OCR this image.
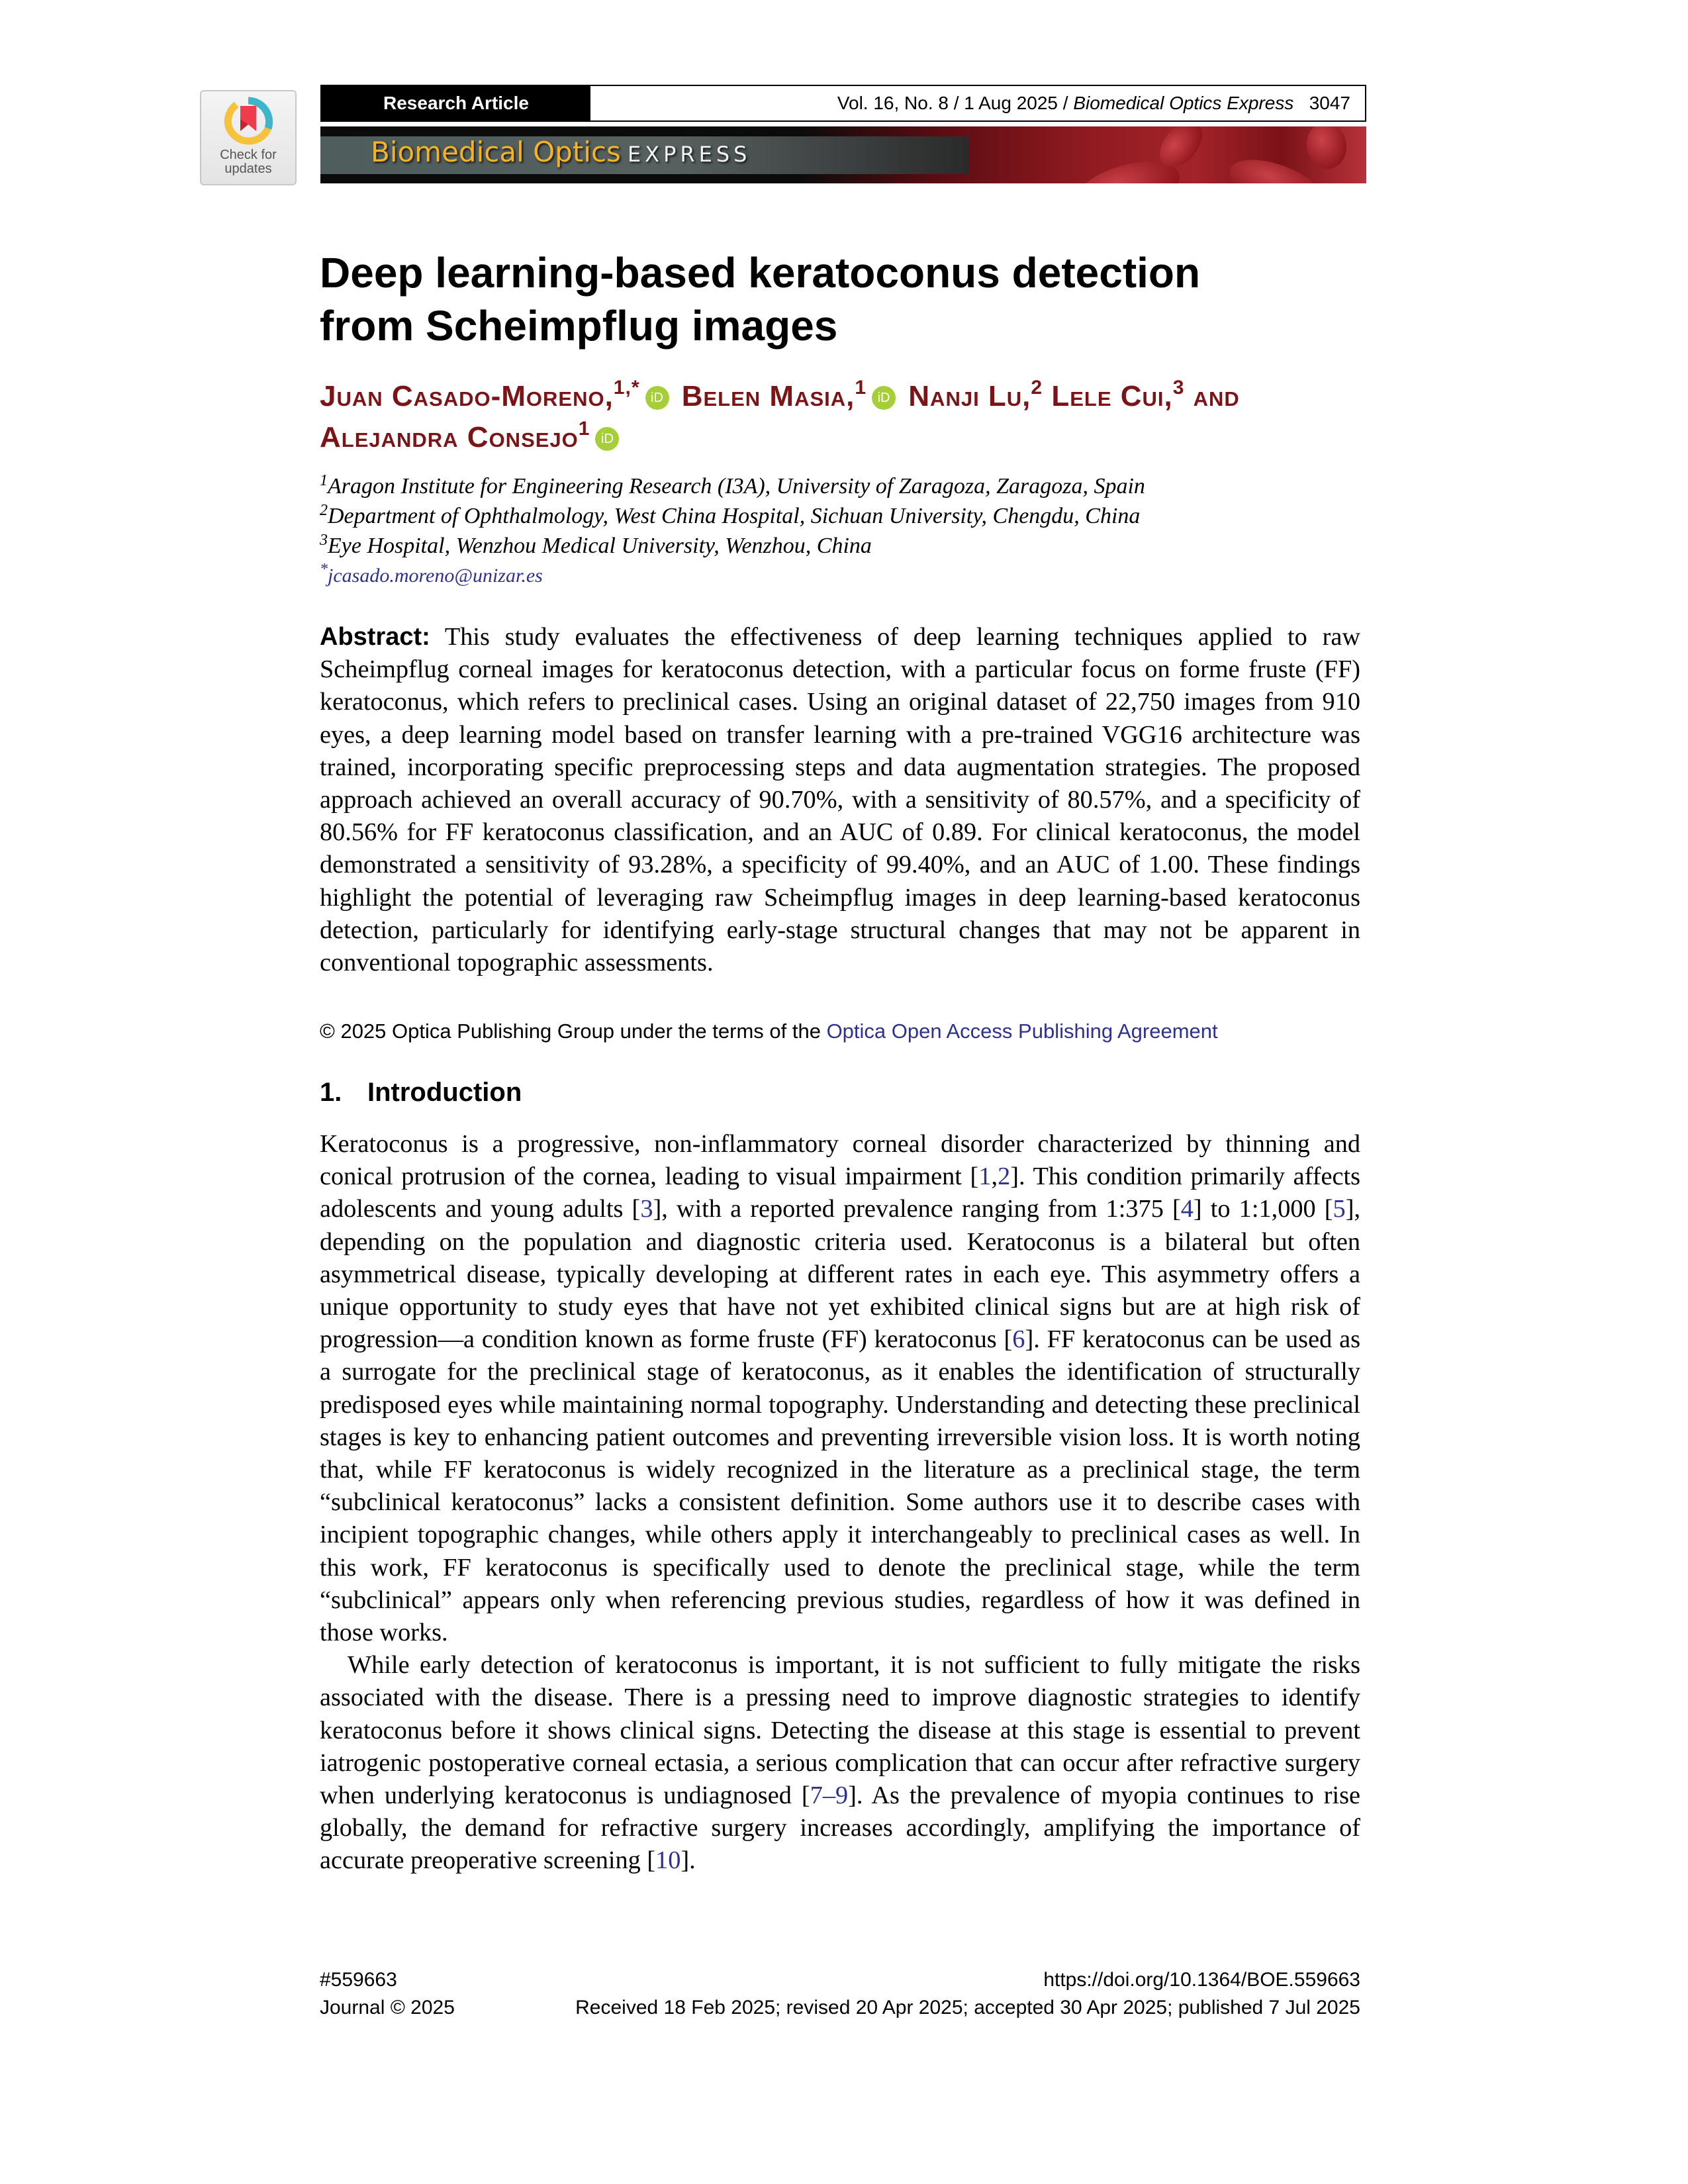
Check for
updates
Research Article	Vol. 16, No. 8 / 1 Aug 2025 / Biomedical Optics Express
3047
Biomedical Optics EXPRESS
Deep learning-based keratoconus detection
from Scheimpflug images
Juan Casado-Moreno,$^{1,*}$ iD Belen Masia,$^1$ iD Nanji Lu,$^2$ Lele Cui,$^3$ and Alejandra Consejo$^1$ iD
$^1$Aragon Institute for Engineering Research (I3A), University of Zaragoza, Zaragoza, Spain
$^2$Department of Ophthalmology, West China Hospital, Sichuan University, Chengdu, China
$^3$Eye Hospital, Wenzhou Medical University, Wenzhou, China
*jcasado.moreno@unizar.es
Abstract: This study evaluates the effectiveness of deep learning techniques applied to raw Scheimpflug corneal images for keratoconus detection, with a particular focus on forme fruste (FF) keratoconus, which refers to preclinical cases. Using an original dataset of 22,750 images from 910 eyes, a deep learning model based on transfer learning with a pre-trained VGG16 architecture was trained, incorporating specific preprocessing steps and data augmentation strategies. The proposed approach achieved an overall accuracy of 90.70%, with a sensitivity of 80.57%, and a specificity of 80.56% for FF keratoconus classification, and an AUC of 0.89. For clinical keratoconus, the model demonstrated a sensitivity of 93.28%, a specificity of 99.40%, and an AUC of 1.00. These findings highlight the potential of leveraging raw Scheimpflug images in deep learning-based keratoconus detection, particularly for identifying early-stage structural changes that may not be apparent in conventional topographic assessments.
© 2025 Optica Publishing Group under the terms of the Optica Open Access Publishing Agreement
1. Introduction

Keratoconus is a progressive, non-inflammatory corneal disorder characterized by thinning and conical protrusion of the cornea, leading to visual impairment [1,2]. This condition primarily affects adolescents and young adults [3], with a reported prevalence ranging from 1:375 [4] to 1:1,000 [5], depending on the population and diagnostic criteria used. Keratoconus is a bilateral but often asymmetrical disease, typically developing at different rates in each eye. This asymmetry offers a unique opportunity to study eyes that have not yet exhibited clinical signs but are at high risk of progression—a condition known as forme fruste (FF) keratoconus [6]. FF keratoconus can be used as a surrogate for the preclinical stage of keratoconus, as it enables the identification of structurally predisposed eyes while maintaining normal topography. Understanding and detecting these preclinical stages is key to enhancing patient outcomes and preventing irreversible vision loss. It is worth noting that, while FF keratoconus is widely recognized in the literature as a preclinical stage, the term “subclinical keratoconus” lacks a consistent definition. Some authors use it to describe cases with incipient topographic changes, while others apply it interchangeably to preclinical cases as well. In this work, FF keratoconus is specifically used to denote the preclinical stage, while the term “subclinical” appears only when referencing previous studies, regardless of how it was defined in those works.

While early detection of keratoconus is important, it is not sufficient to fully mitigate the risks associated with the disease. There is a pressing need to improve diagnostic strategies to identify keratoconus before it shows clinical signs. Detecting the disease at this stage is essential to prevent iatrogenic postoperative corneal ectasia, a serious complication that can occur after refractive surgery when underlying keratoconus is undiagnosed [7–9]. As the prevalence of myopia continues to rise globally, the demand for refractive surgery increases accordingly, amplifying the importance of accurate preoperative screening [10].

#559663	https://doi.org/10.1364/BOE.559663
Journal © 2025	Received 18 Feb 2025; revised 20 Apr 2025; accepted 30 Apr 2025; published 7 Jul 2025
